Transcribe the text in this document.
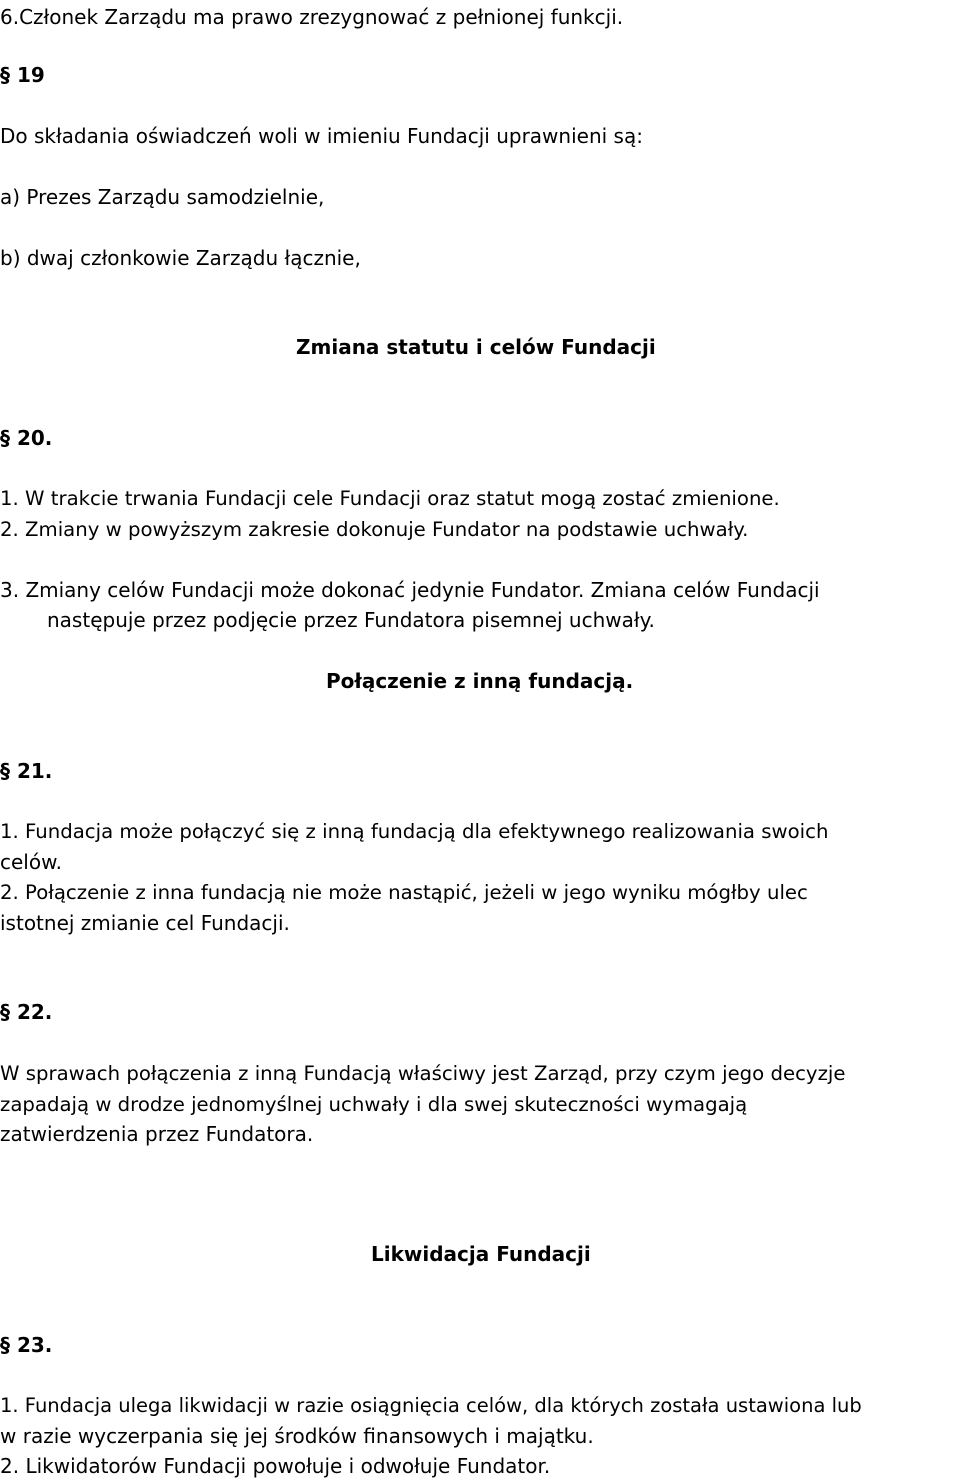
6.Członek Zarządu ma prawo zrezygnować z pełnionej funkcji.

§ 19

Do składania oświadczeń woli w imieniu Fundacji uprawnieni są:

a) Prezes Zarządu samodzielnie,

b) dwaj członkowie Zarządu łącznie,

Zmiana statutu i celów Fundacji

§ 20.

1. W trakcie trwania Fundacji cele Fundacji oraz statut mogą zostać zmienione.

2. Zmiany w powyższym zakresie dokonuje Fundator na podstawie uchwały.

3. Zmiany celów Fundacji może dokonać jedynie Fundator. Zmiana celów Fundacji

następuje przez podjęcie przez Fundatora pisemnej uchwały.

Połączenie z inną fundacją.

§ 21.

1. Fundacja może połączyć się z inną fundacją dla efektywnego realizowania swoich

celów.

2. Połączenie z inna fundacją nie może nastąpić, jeżeli w jego wyniku mógłby ulec

istotnej zmianie cel Fundacji.

§ 22.

W sprawach połączenia z inną Fundacją właściwy jest Zarząd, przy czym jego decyzje

zapadają w drodze jednomyślnej uchwały i dla swej skuteczności wymagają

zatwierdzenia przez Fundatora.

Likwidacja Fundacji

§ 23.

1. Fundacja ulega likwidacji w razie osiągnięcia celów, dla których została ustawiona lub

w razie wyczerpania się jej środków finansowych i majątku.

2. Likwidatorów Fundacji powołuje i odwołuje Fundator.
